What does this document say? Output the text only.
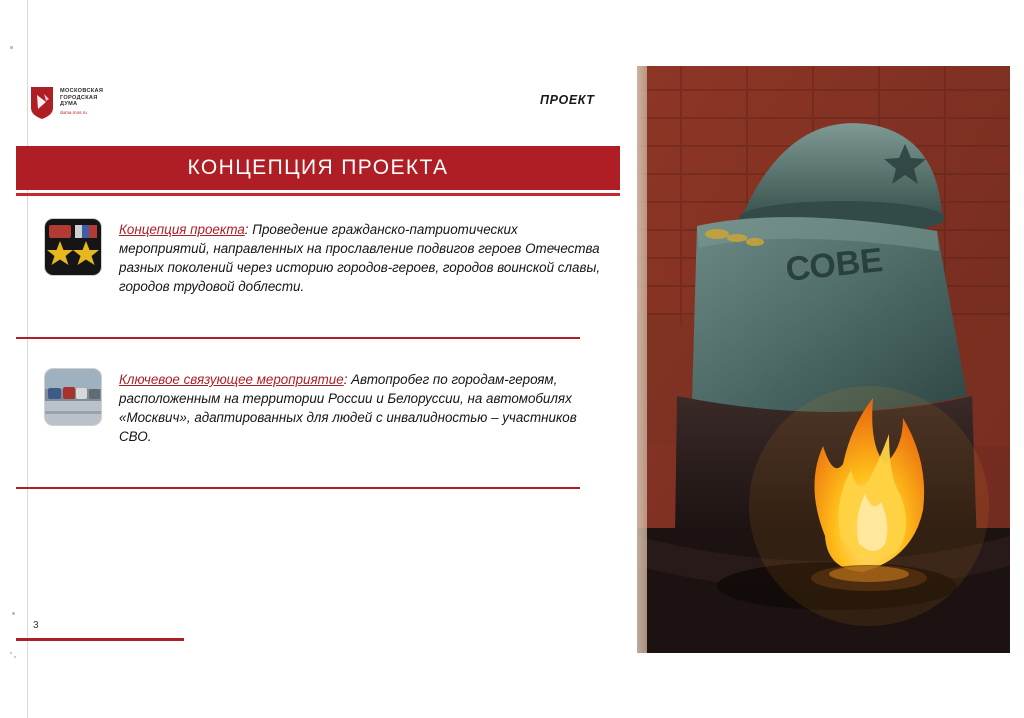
МОСКОВСКАЯ
ГОРОДСКАЯ
ДУМА
duma.mos.ru
ПРОЕКТ
КОНЦЕПЦИЯ ПРОЕКТА
Концепция проекта: Проведение гражданско-патриотических мероприятий, направленных на прославление подвигов героев Отечества разных поколений через историю городов-героев, городов воинской славы, городов трудовой доблести.
Ключевое связующее мероприятие: Автопробег по городам-героям, расположенным на территории России и Белоруссии, на автомобилях «Москвич», адаптированных для людей с инвалидностью – участников СВО.
3
СОВЕ
